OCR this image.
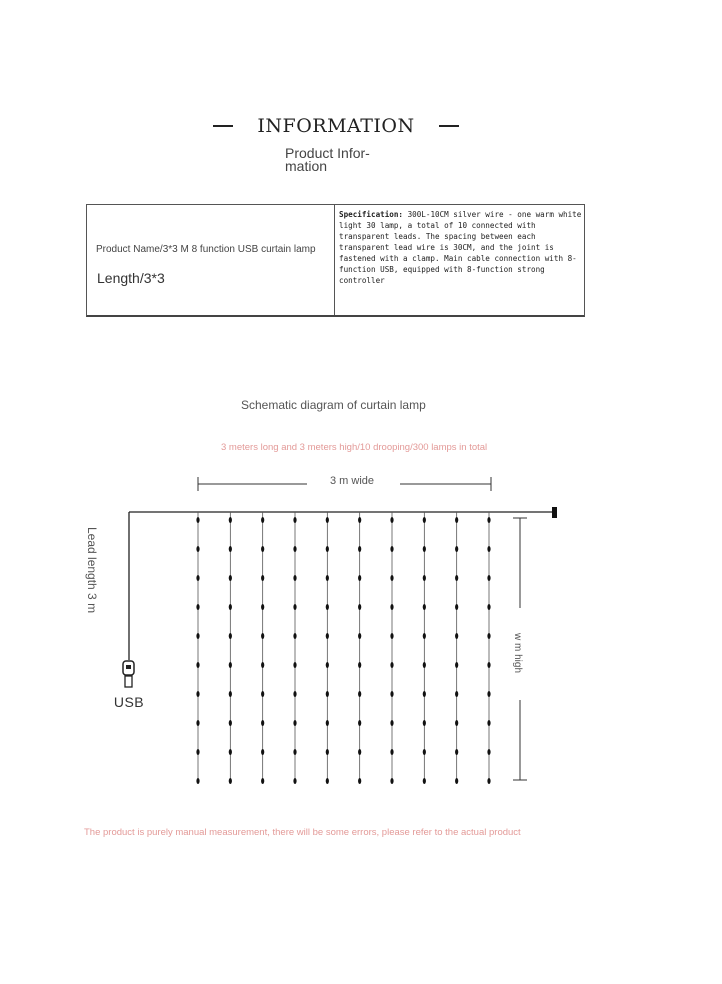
INFORMATION
Product Infor-
mation
Product Name/3*3 M 8 function USB curtain lamp
Length/3*3
Specification: 300L-10CM silver wire - one warm white light 30 lamp, a total of 10 connected with transparent leads. The spacing between each transparent lead wire is 30CM, and the joint is fastened with a clamp. Main cable connection with 8-function USB, equipped with 8-function strong controller
Schematic diagram of curtain lamp
3 meters long and 3 meters high/10 drooping/300 lamps in total
3 m wide
USB
Lead length 3 m
w m high
The product is purely manual measurement, there will be some errors, please refer to the actual product
